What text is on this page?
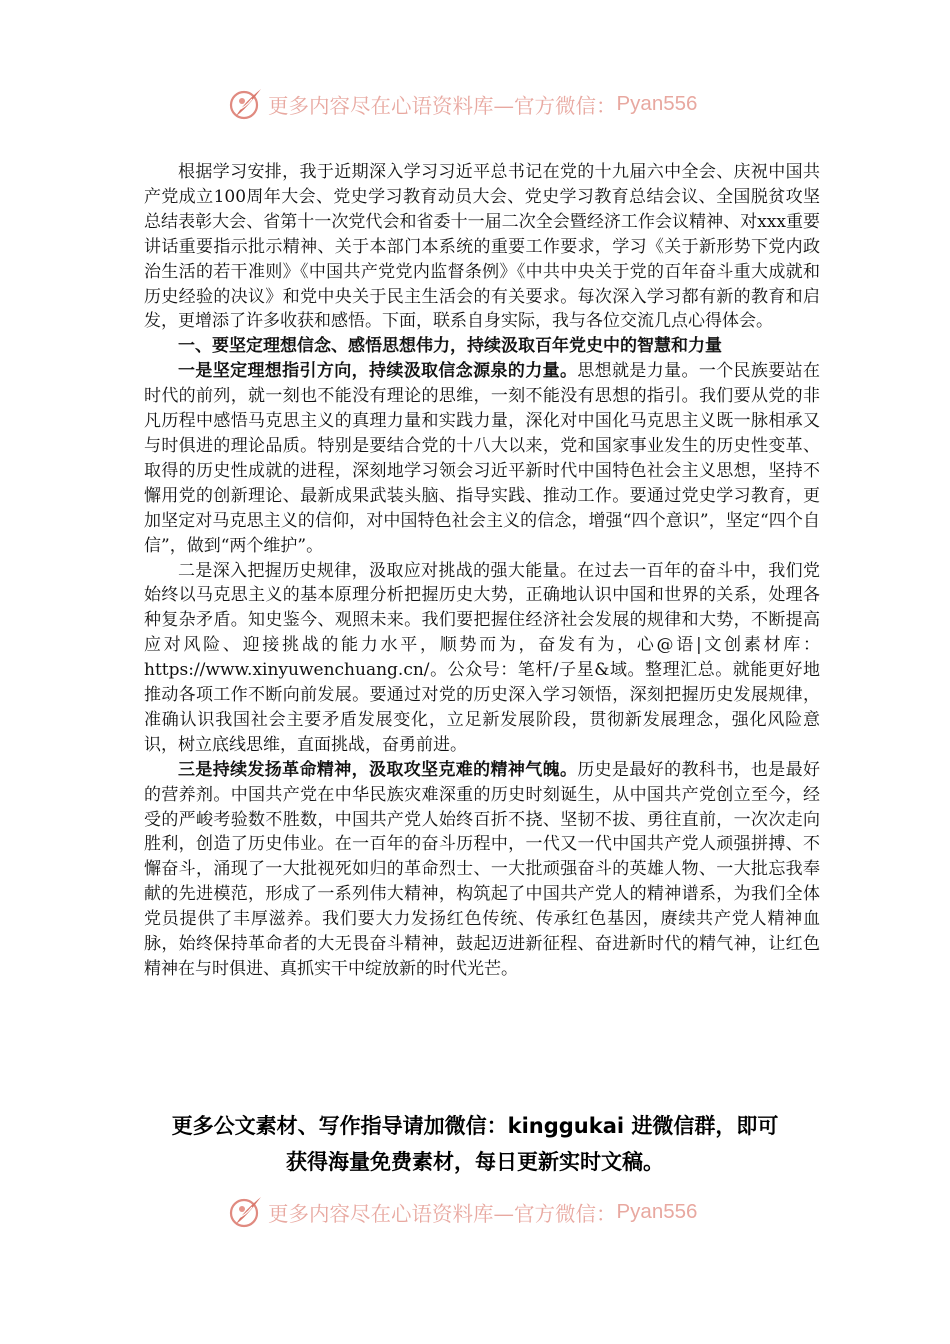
更多内容尽在心语资料库—官方微信： Pyan556

根据学习安排，我于近期深入学习习近平总书记在党的十九届六中全会、庆祝中国共产党成立100周年大会、党史学习教育动员大会、党史学习教育总结会议、全国脱贫攻坚总结表彰大会、省第十一次党代会和省委十一届二次全会暨经济工作会议精神、对xxx重要讲话重要指示批示精神、关于本部门本系统的重要工作要求，学习《关于新形势下党内政治生活的若干准则》《中国共产党党内监督条例》《中共中央关于党的百年奋斗重大成就和历史经验的决议》和党中央关于民主生活会的有关要求。每次深入学习都有新的教育和启发，更增添了许多收获和感悟。下面，联系自身实际，我与各位交流几点心得体会。

一、要坚定理想信念、感悟思想伟力，持续汲取百年党史中的智慧和力量

一是坚定理想指引方向，持续汲取信念源泉的力量。思想就是力量。一个民族要站在时代的前列，就一刻也不能没有理论的思维，一刻不能没有思想的指引。我们要从党的非凡历程中感悟马克思主义的真理力量和实践力量，深化对中国化马克思主义既一脉相承又与时俱进的理论品质。特别是要结合党的十八大以来，党和国家事业发生的历史性变革、取得的历史性成就的进程，深刻地学习领会习近平新时代中国特色社会主义思想，坚持不懈用党的创新理论、最新成果武装头脑、指导实践、推动工作。要通过党史学习教育，更加坚定对马克思主义的信仰，对中国特色社会主义的信念，增强“四个意识”，坚定“四个自信”，做到“两个维护”。

二是深入把握历史规律，汲取应对挑战的强大能量。在过去一百年的奋斗中，我们党始终以马克思主义的基本原理分析把握历史大势，正确地认识中国和世界的关系，处理各种复杂矛盾。知史鉴今、观照未来。我们要把握住经济社会发展的规律和大势，不断提高应对风险、迎接挑战的能力水平，顺势而为，奋发有为，心@语|文创素材库：https://www.xinyuwenchuang.cn/。公众号：笔杆/子星&域。整理汇总。就能更好地推动各项工作不断向前发展。要通过对党的历史深入学习领悟，深刻把握历史发展规律，准确认识我国社会主要矛盾发展变化，立足新发展阶段，贯彻新发展理念，强化风险意识，树立底线思维，直面挑战，奋勇前进。

三是持续发扬革命精神，汲取攻坚克难的精神气魄。历史是最好的教科书，也是最好的营养剂。中国共产党在中华民族灾难深重的历史时刻诞生，从中国共产党创立至今，经受的严峻考验数不胜数，中国共产党人始终百折不挠、坚韧不拔、勇往直前，一次次走向胜利，创造了历史伟业。在一百年的奋斗历程中，一代又一代中国共产党人顽强拼搏、不懈奋斗，涌现了一大批视死如归的革命烈士、一大批顽强奋斗的英雄人物、一大批忘我奉献的先进模范，形成了一系列伟大精神，构筑起了中国共产党人的精神谱系，为我们全体党员提供了丰厚滋养。我们要大力发扬红色传统、传承红色基因，赓续共产党人精神血脉，始终保持革命者的大无畏奋斗精神，鼓起迈进新征程、奋进新时代的精气神，让红色精神在与时俱进、真抓实干中绽放新的时代光芒。

更多公文素材、写作指导请加微信：kinggukai 进微信群，即可
获得海量免费素材，每日更新实时文稿。
更多内容尽在心语资料库—官方微信： Pyan556
